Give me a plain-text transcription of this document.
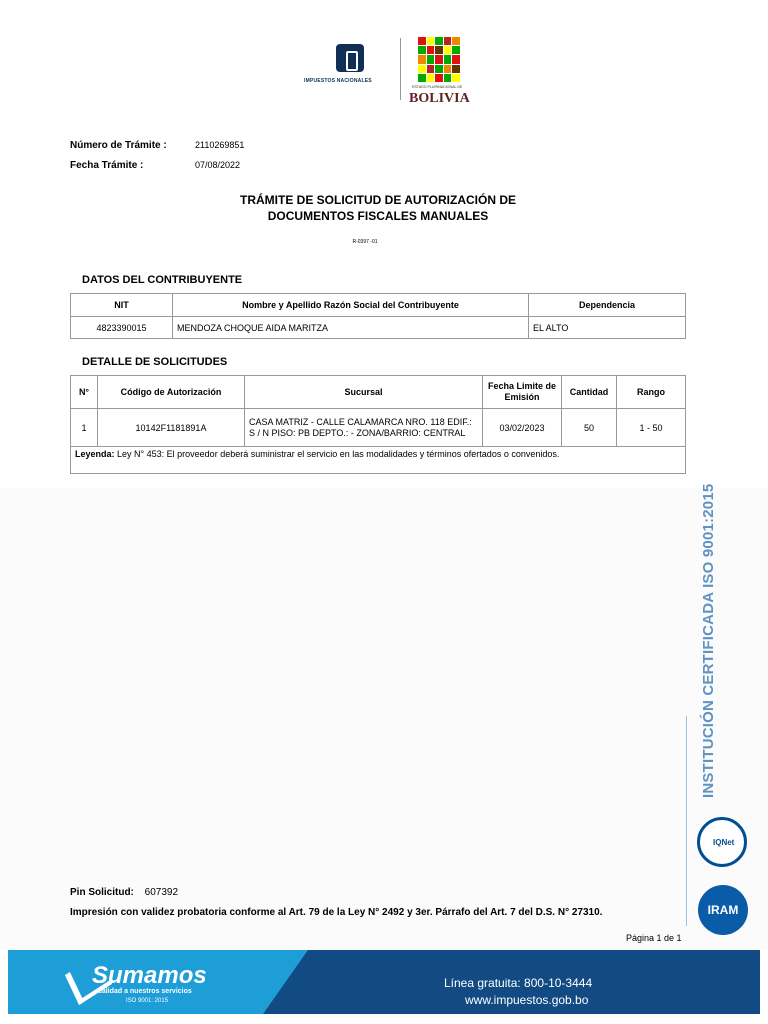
IMPUESTOS NACIONALES
ESTADO PLURINACIONAL DE
BOLIVIA
Número de Trámite :	2110269851
Fecha Trámite :	07/08/2022
TRÁMITE DE SOLICITUD DE AUTORIZACIÓN DE
DOCUMENTOS FISCALES MANUALES
R-0397 -01
DATOS DEL CONTRIBUYENTE
NIT	Nombre y Apellido Razón Social del Contribuyente	Dependencia
4823390015	MENDOZA CHOQUE AIDA MARITZA	EL ALTO
DETALLE DE SOLICITUDES
N°	Código de Autorización	Sucursal	Fecha Limite de Emisión	Cantidad	Rango
1	10142F1181891A	CASA MATRIZ - CALLE CALAMARCA NRO. 118 EDIF.: S / N PISO: PB DEPTO.: - ZONA/BARRIO: CENTRAL	03/02/2023	50	1 - 50
Leyenda: Ley N° 453: El proveedor deberá suministrar el servicio en las modalidades y términos ofertados o convenidos.					
INSTITUCIÓN CERTIFICADA ISO 9001:2015
IQNet
IRAM
Pin Solicitud: 607392
Impresión con validez probatoria conforme al Art. 79 de la Ley N° 2492 y 3er. Párrafo del Art. 7 del D.S. N° 27310.
Página 1 de 1
Sumamos
calidad a nuestros servicios
ISO 9001: 2015
Línea gratuita: 800-10-3444
www.impuestos.gob.bo
